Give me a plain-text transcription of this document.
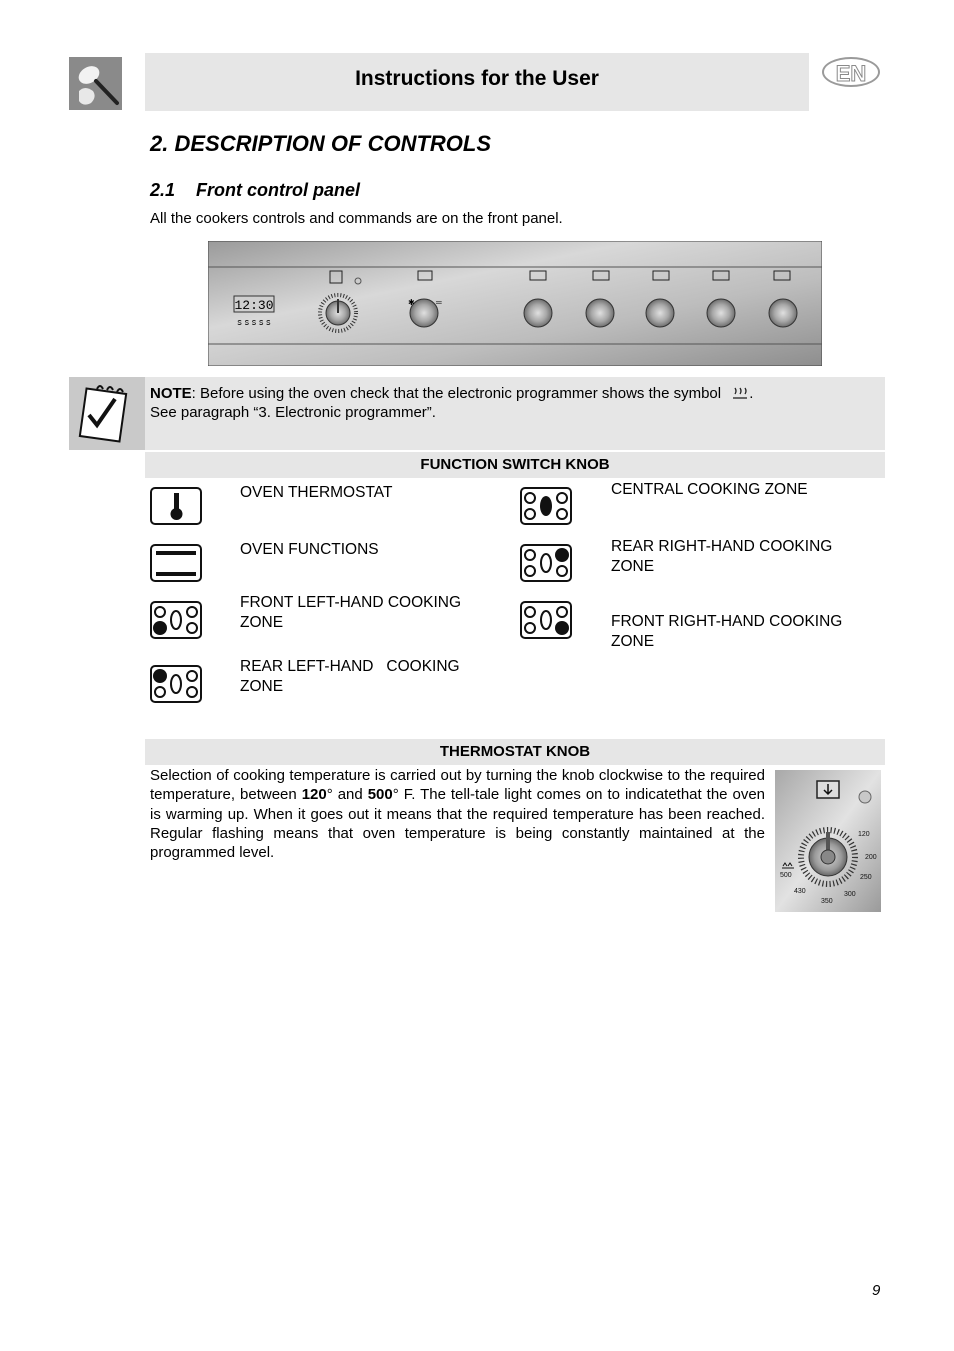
Instructions for the User	EN
2. DESCRIPTION OF CONTROLS
2.1 Front control panel
All the cookers controls and commands are on the front panel.
12:30
ꜱ ꜱ ꜱ ꜱ ꜱ
✱	═
NOTE: Before using the oven check that the electronic programmer shows the symbol .
See paragraph “3. Electronic programmer”.
FUNCTION SWITCH KNOB
OVEN THERMOSTAT
OVEN FUNCTIONS
FRONT LEFT-HAND COOKING ZONE
REAR LEFT-HAND   COOKING ZONE
CENTRAL COOKING ZONE
REAR RIGHT-HAND COOKING ZONE
FRONT RIGHT-HAND COOKING ZONE
THERMOSTAT KNOB
Selection of cooking temperature is carried out by turning the knob clockwise to the required temperature, between 120° and 500° F. The tell-tale light comes on to indicatethat the oven is warming up. When it goes out it means that the required temperature has been reached. Regular flashing means that oven temperature is being constantly maintained at the programmed level.
120
200
250
300
350
430
500
9
